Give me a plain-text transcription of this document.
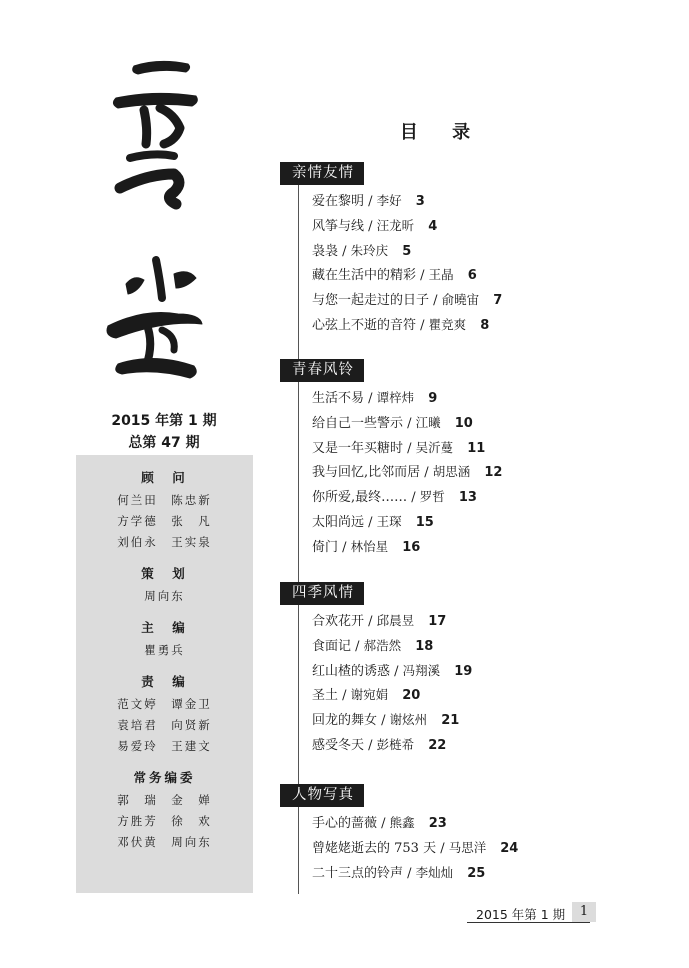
2015 年第 1 期
总第 47 期
顾　问
何兰田　陈忠新
方学德　张　凡
刘伯永　王实泉
策　划
周向东
主　编
瞿勇兵
责　编
范文婷　谭金卫
袁培君　向贤新
易爱玲　王建文
常务编委
郭　瑞　金　婵
方胜芳　徐　欢
邓伏黄　周向东
目 录
亲情友情
爱在黎明 / 李好 3
风筝与线 / 汪龙昕 4
袅袅 / 朱玲庆 5
藏在生活中的精彩 / 王晶 6
与您一起走过的日子 / 俞曉宙 7
心弦上不逝的音符 / 瞿竞爽 8
青春风铃
生活不易 / 谭梓炜 9
给自己一些警示 / 江曦 10
又是一年买糖时 / 吴沂蔓 11
我与回忆,比邻而居 / 胡思涵 12
你所爱,最终…… / 罗哲 13
太阳尚远 / 王琛 15
倚门 / 林怡星 16
四季风情
合欢花开 / 邱晨昱 17
食面记 / 郝浩然 18
红山楂的诱惑 / 冯翔溪 19
圣土 / 谢宛娟 20
回龙的舞女 / 谢炫州 21
感受冬天 / 彭梿希 22
人物写真
手心的蔷薇 / 熊鑫 23
曾姥姥逝去的 753 天 / 马思洋 24
二十三点的铃声 / 李灿灿 25
2015 年第 1 期	1
